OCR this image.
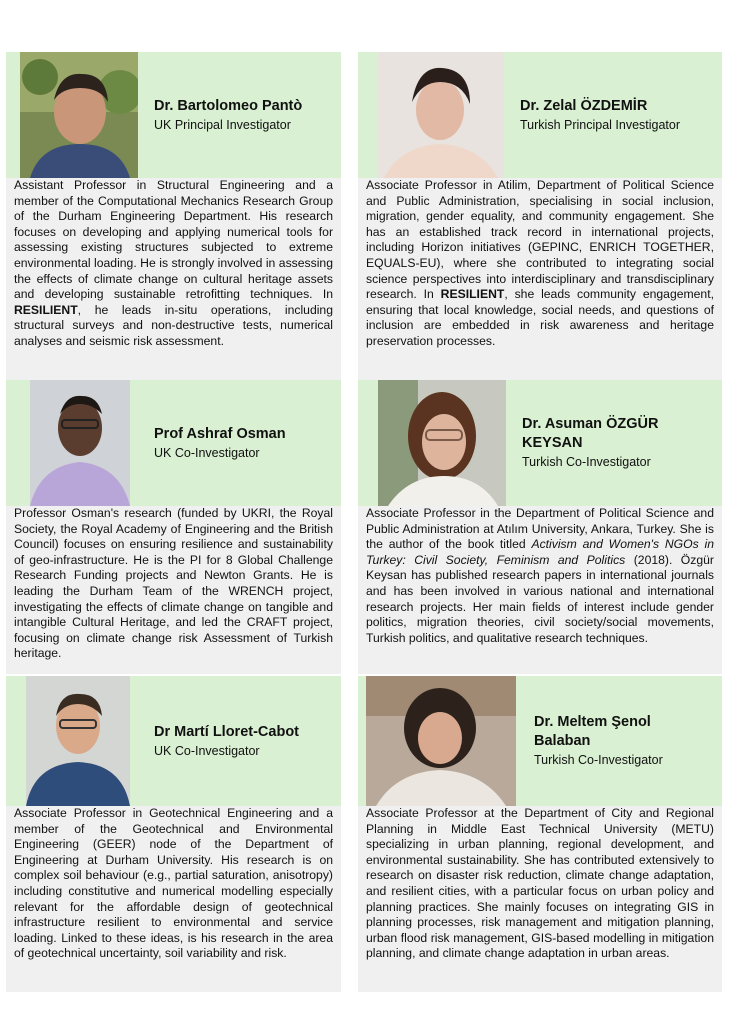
Dr. Bartolomeo Pantò
UK Principal Investigator
Assistant Professor in Structural Engineering and a member of the Computational Mechanics Research Group of the Durham Engineering Department. His research focuses on developing and applying numerical tools for assessing existing structures subjected to extreme environmental loading. He is strongly involved in assessing the effects of climate change on cultural heritage assets and developing sustainable retrofitting techniques. In RESILIENT, he leads in-situ operations, including structural surveys and non-destructive tests, numerical analyses and seismic risk assessment.
Dr. Zelal ÖZDEMİR
Turkish Principal Investigator
Associate Professor in Atilim, Department of Political Science and Public Administration, specialising in social inclusion, migration, gender equality, and community engagement. She has an established track record in international projects, including Horizon initiatives (GEPINC, ENRICH TOGETHER, EQUALS-EU), where she contributed to integrating social science perspectives into interdisciplinary and transdisciplinary research. In RESILIENT, she leads community engagement, ensuring that local knowledge, social needs, and questions of inclusion are embedded in risk awareness and heritage preservation processes.
Prof Ashraf Osman
UK Co-Investigator
Professor Osman's research (funded by UKRI, the Royal Society, the Royal Academy of Engineering and the British Council) focuses on ensuring resilience and sustainability of geo-infrastructure. He is the PI for 8 Global Challenge Research Funding projects and Newton Grants. He is leading the Durham Team of the WRENCH project, investigating the effects of climate change on tangible and intangible Cultural Heritage, and led the CRAFT project, focusing on climate change risk Assessment of Turkish heritage.
Dr. Asuman ÖZGÜR
KEYSAN
Turkish Co-Investigator
Associate Professor in the Department of Political Science and Public Administration at Atılım University, Ankara, Turkey. She is the author of the book titled Activism and Women's NGOs in Turkey: Civil Society, Feminism and Politics (2018). Özgür Keysan has published research papers in international journals and has been involved in various national and international research projects. Her main fields of interest include gender politics, migration theories, civil society/social movements, Turkish politics, and qualitative research techniques.
Dr Martí Lloret-Cabot
UK Co-Investigator
Associate Professor in Geotechnical Engineering and a member of the Geotechnical and Environmental Engineering (GEER) node of the Department of Engineering at Durham University. His research is on complex soil behaviour (e.g., partial saturation, anisotropy) including constitutive and numerical modelling especially relevant for the affordable design of geotechnical infrastructure resilient to environmental and service loading. Linked to these ideas, is his research in the area of geotechnical uncertainty, soil variability and risk.
Dr. Meltem Şenol
Balaban
Turkish Co-Investigator
Associate Professor at the Department of City and Regional Planning in Middle East Technical University (METU) specializing in urban planning, regional development, and environmental sustainability. She has contributed extensively to research on disaster risk reduction, climate change adaptation, and resilient cities, with a particular focus on urban policy and planning practices. She mainly focuses on integrating GIS in planning processes, risk management and mitigation planning, urban flood risk management, GIS-based modelling in mitigation planning, and climate change adaptation in urban areas.
